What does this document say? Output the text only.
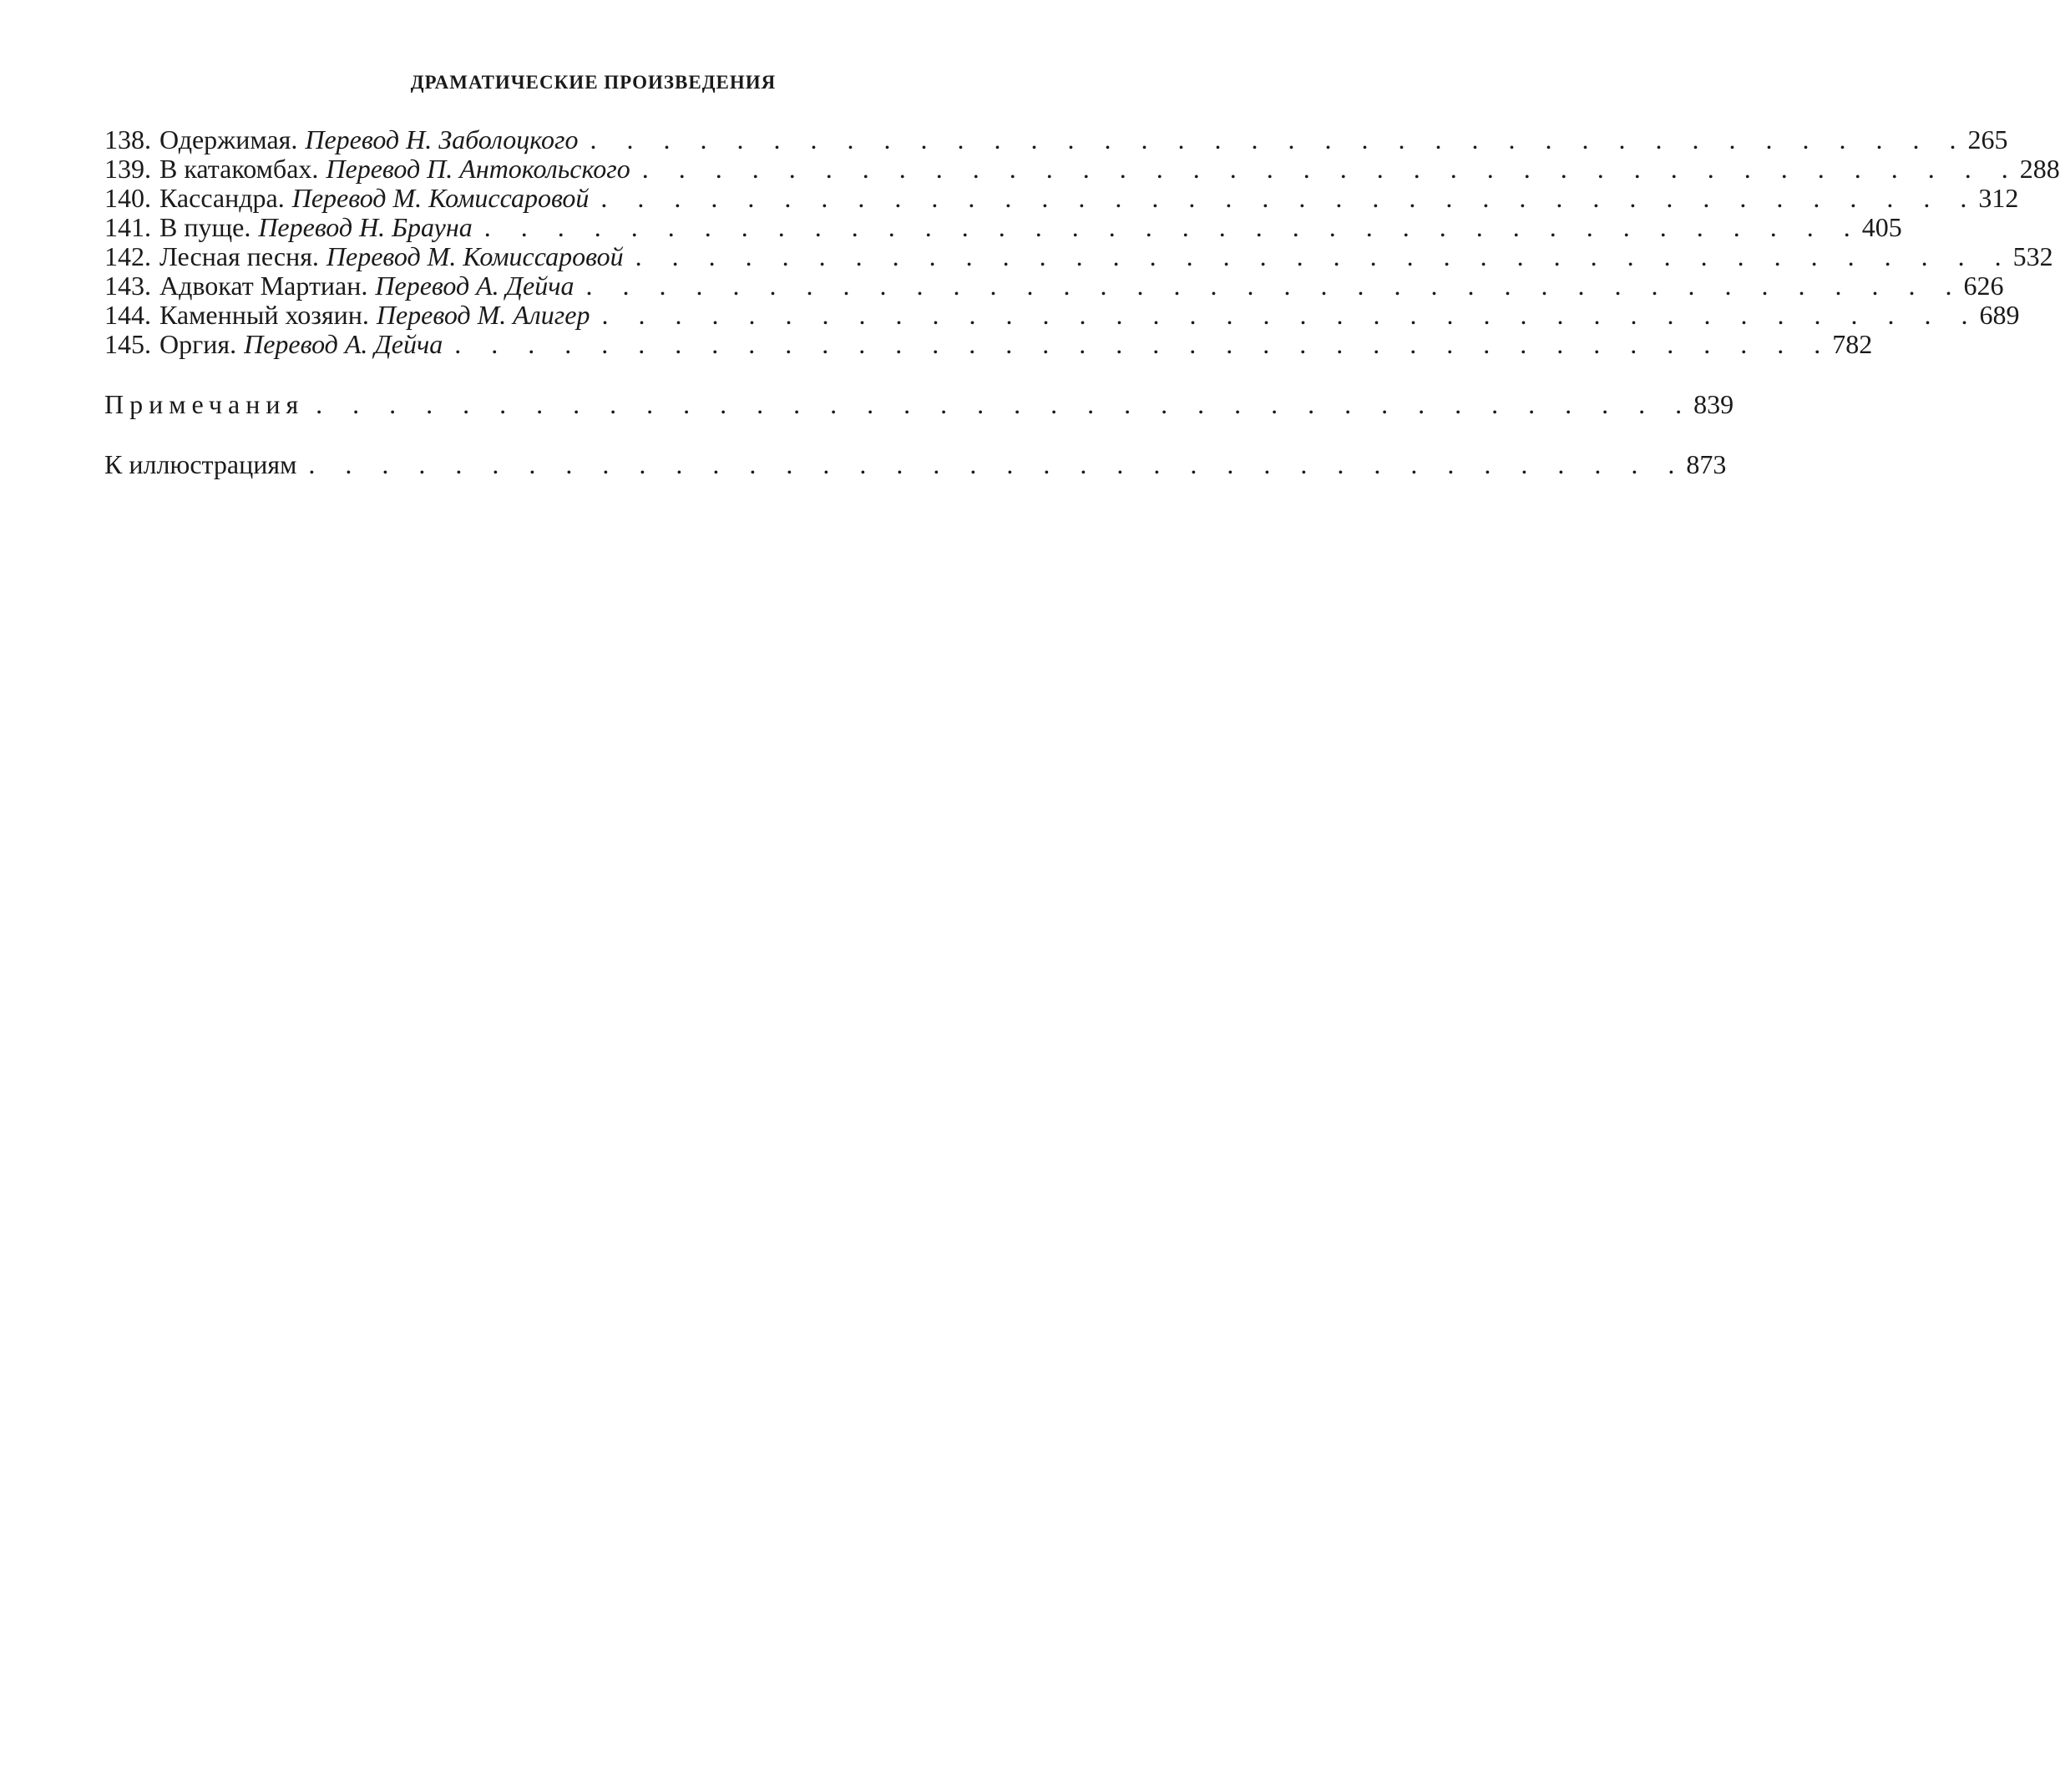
ДРАМАТИЧЕСКИЕ ПРОИЗВЕДЕНИЯ
138. Одержимая. Перевод Н. Заболоцкого . . . . . . . . . . . . . . . . . . . . . . . . . . . . . . . . . . . . . . 265
139. В катакомбах. Перевод П. Антокольского . . . . . . . . . . . . . . . . . . . . . . . . . . . . . . . . . . . . . . 288
140. Кассандра. Перевод М. Комиссаровой . . . . . . . . . . . . . . . . . . . . . . . . . . . . . . . . . . . . . . 312
141. В пуще. Перевод Н. Брауна . . . . . . . . . . . . . . . . . . . . . . . . . . . . . . . . . . . . . . 405
142. Лесная песня. Перевод М. Комиссаровой . . . . . . . . . . . . . . . . . . . . . . . . . . . . . . . . . . . . . . 532
143. Адвокат Мартиан. Перевод А. Дейча . . . . . . . . . . . . . . . . . . . . . . . . . . . . . . . . . . . . . . 626
144. Каменный хозяин. Перевод М. Алигер . . . . . . . . . . . . . . . . . . . . . . . . . . . . . . . . . . . . . . 689
145. Оргия. Перевод А. Дейча . . . . . . . . . . . . . . . . . . . . . . . . . . . . . . . . . . . . . . 782
Примечания . . . . . . . . . . . . . . . . . . . . . . . . . . . . . . . . . . . . . . 839
К иллюстрациям . . . . . . . . . . . . . . . . . . . . . . . . . . . . . . . . . . . . . . 873
